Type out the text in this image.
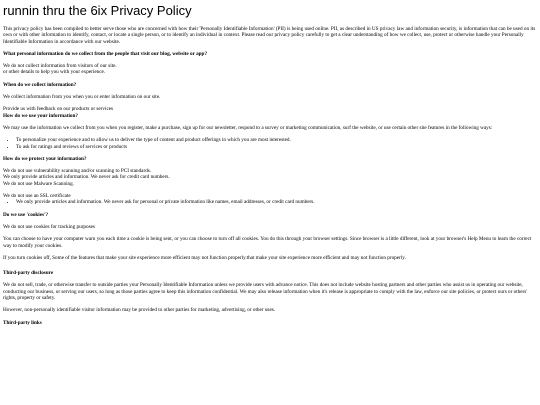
runnin thru the 6ix Privacy Policy

This privacy policy has been compiled to better serve those who are concerned with how their 'Personally Identifiable Information' (PII) is being used online. PII, as described in US privacy law and information security, is information that can be used on its own or with other information to identify, contact, or locate a single person, or to identify an individual in context. Please read our privacy policy carefully to get a clear understanding of how we collect, use, protect or otherwise handle your Personally Identifiable Information in accordance with our website.

What personal information do we collect from the people that visit our blog, website or app?

We do not collect information from visitors of our site.

or other details to help you with your experience.

When do we collect information?

We collect information from you when you or enter information on our site.

Provide us with feedback on our products or services

How do we use your information?

We may use the information we collect from you when you register, make a purchase, sign up for our newsletter, respond to a survey or marketing communication, surf the website, or use certain other site features in the following ways:

• To personalize your experience and to allow us to deliver the type of content and product offerings in which you are most interested.
• To ask for ratings and reviews of services or products

How do we protect your information?

We do not use vulnerability scanning and/or scanning to PCI standards.

We only provide articles and information. We never ask for credit card numbers.

We do not use Malware Scanning.

We do not use an SSL certificate

• We only provide articles and information. We never ask for personal or private information like names, email addresses, or credit card numbers.

Do we use 'cookies'?

We do not use cookies for tracking purposes

You can choose to have your computer warn you each time a cookie is being sent, or you can choose to turn off all cookies. You do this through your browser settings. Since browser is a little different, look at your browser's Help Menu to learn the correct way to modify your cookies.

If you turn cookies off, Some of the features that make your site experience more efficient may not function properly.that make your site experience more efficient and may not function properly.

Third-party disclosure

We do not sell, trade, or otherwise transfer to outside parties your Personally Identifiable Information unless we provide users with advance notice. This does not include website hosting partners and other parties who assist us in operating our website, conducting our business, or serving our users, so long as those parties agree to keep this information confidential. We may also release information when it's release is appropriate to comply with the law, enforce our site policies, or protect ours or others' rights, property or safety.

However, non-personally identifiable visitor information may be provided to other parties for marketing, advertising, or other uses.

Third-party links
